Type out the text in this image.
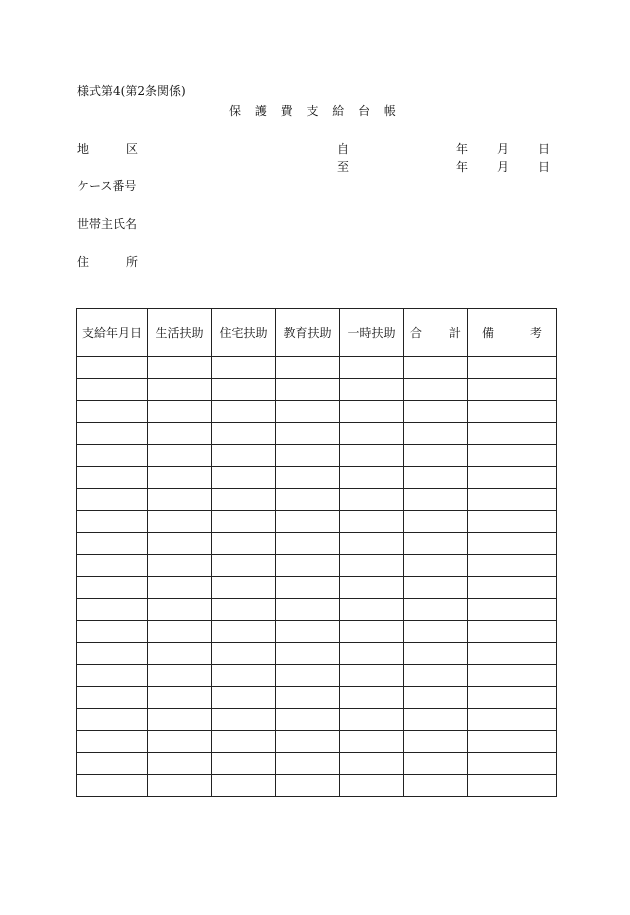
様式第4(第2条関係)
保 護 費 支 給 台 帳
地区
ケース番号
世帯主氏名
住所
自	年 月 日
至	年 月 日
支給年月日	生活扶助	住宅扶助	教育扶助	一時扶助	合 計	備 考
